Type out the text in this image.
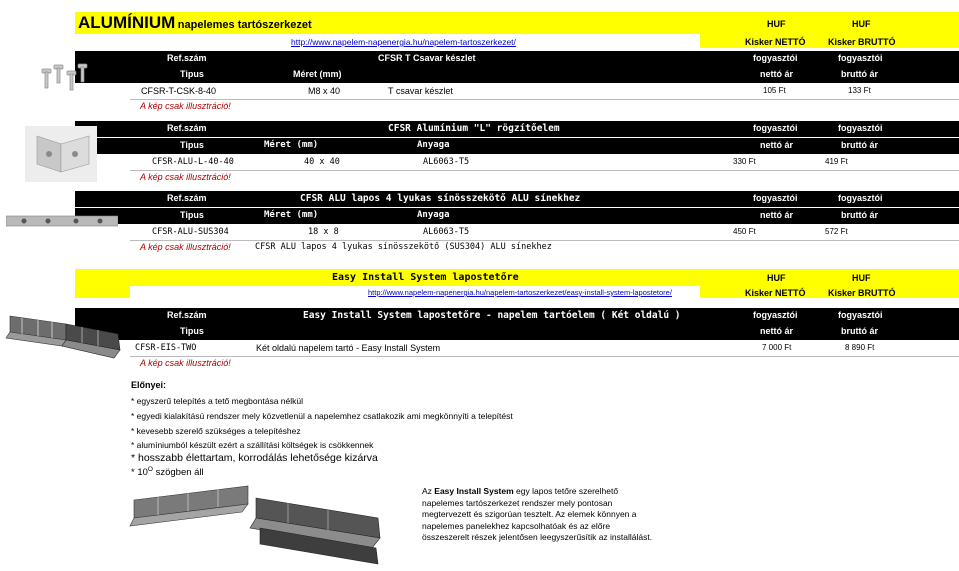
ALUMÍNIUM napelemes tartószerkezet	HUF	HUF
http://www.napelem-napenergia.hu/napelem-tartoszerkezet/	Kisker NETTÓ Kisker BRUTTÓ
Ref.szám	CFSR T Csavar készlet	fogyasztói	fogyasztói
Tipus	Méret (mm)	nettó ár	bruttó ár
CFSR-T-CSK-8-40	M8 x 40	T csavar készlet	105 Ft	133 Ft
A kép csak illusztráció!
Ref.szám	CFSR Alumínium "L" rögzítőelem	fogyasztói	fogyasztói
Tipus	Méret (mm)	Anyaga	nettó ár	bruttó ár
CFSR-ALU-L-40-40	40 x 40	AL6063-T5	330 Ft	419 Ft
A kép csak illusztráció!
Ref.szám	CFSR ALU lapos 4 lyukas sínösszekötő ALU sínekhez	fogyasztói	fogyasztói
Tipus	Méret (mm)	Anyaga	nettó ár	bruttó ár
CFSR-ALU-SUS304	18 x 8	AL6063-T5	450 Ft	572 Ft
A kép csak illusztráció!	CFSR ALU lapos 4 lyukas sínösszekötő (SUS304) ALU sínekhez
Easy Install System lapostetőre	HUF	HUF
http://www.napelem-napenergia.hu/napelem-tartoszerkezet/easy-install-system-lapostetore/	Kisker NETTÓ Kisker BRUTTÓ
Ref.szám	Easy Install System lapostetőre - napelem tartóelem ( Két oldalú )	fogyasztói	fogyasztói
Tipus	nettó ár	bruttó ár
CFSR-EIS-TWO	Két oldalú napelem tartó - Easy Install System	7 000 Ft	8 890 Ft
A kép csak illusztráció!
Előnyei:
* egyszerű telepítés a tető megbontása nélkül
* egyedi kialakítású rendszer mely közvetlenül a napelemhez csatlakozik ami megkönnyíti a telepítést
* kevesebb szerelő szükséges a telepítéshez
* alumíniumból készült ezért a szállítási költségek is csökkennek
* hosszabb élettartam, korrodálás lehetősége kizárva
* $10^O$ szögben áll
Az Easy Install System egy lapos tetőre szerelhető napelemes tartószerkezet rendszer mely pontosan megtervezett és szigorúan tesztelt. Az elemek könnyen a napelemes panelekhez kapcsolhatóak és az előre összeszerelt részek jelentősen leegyszerűsítik az installálást.
